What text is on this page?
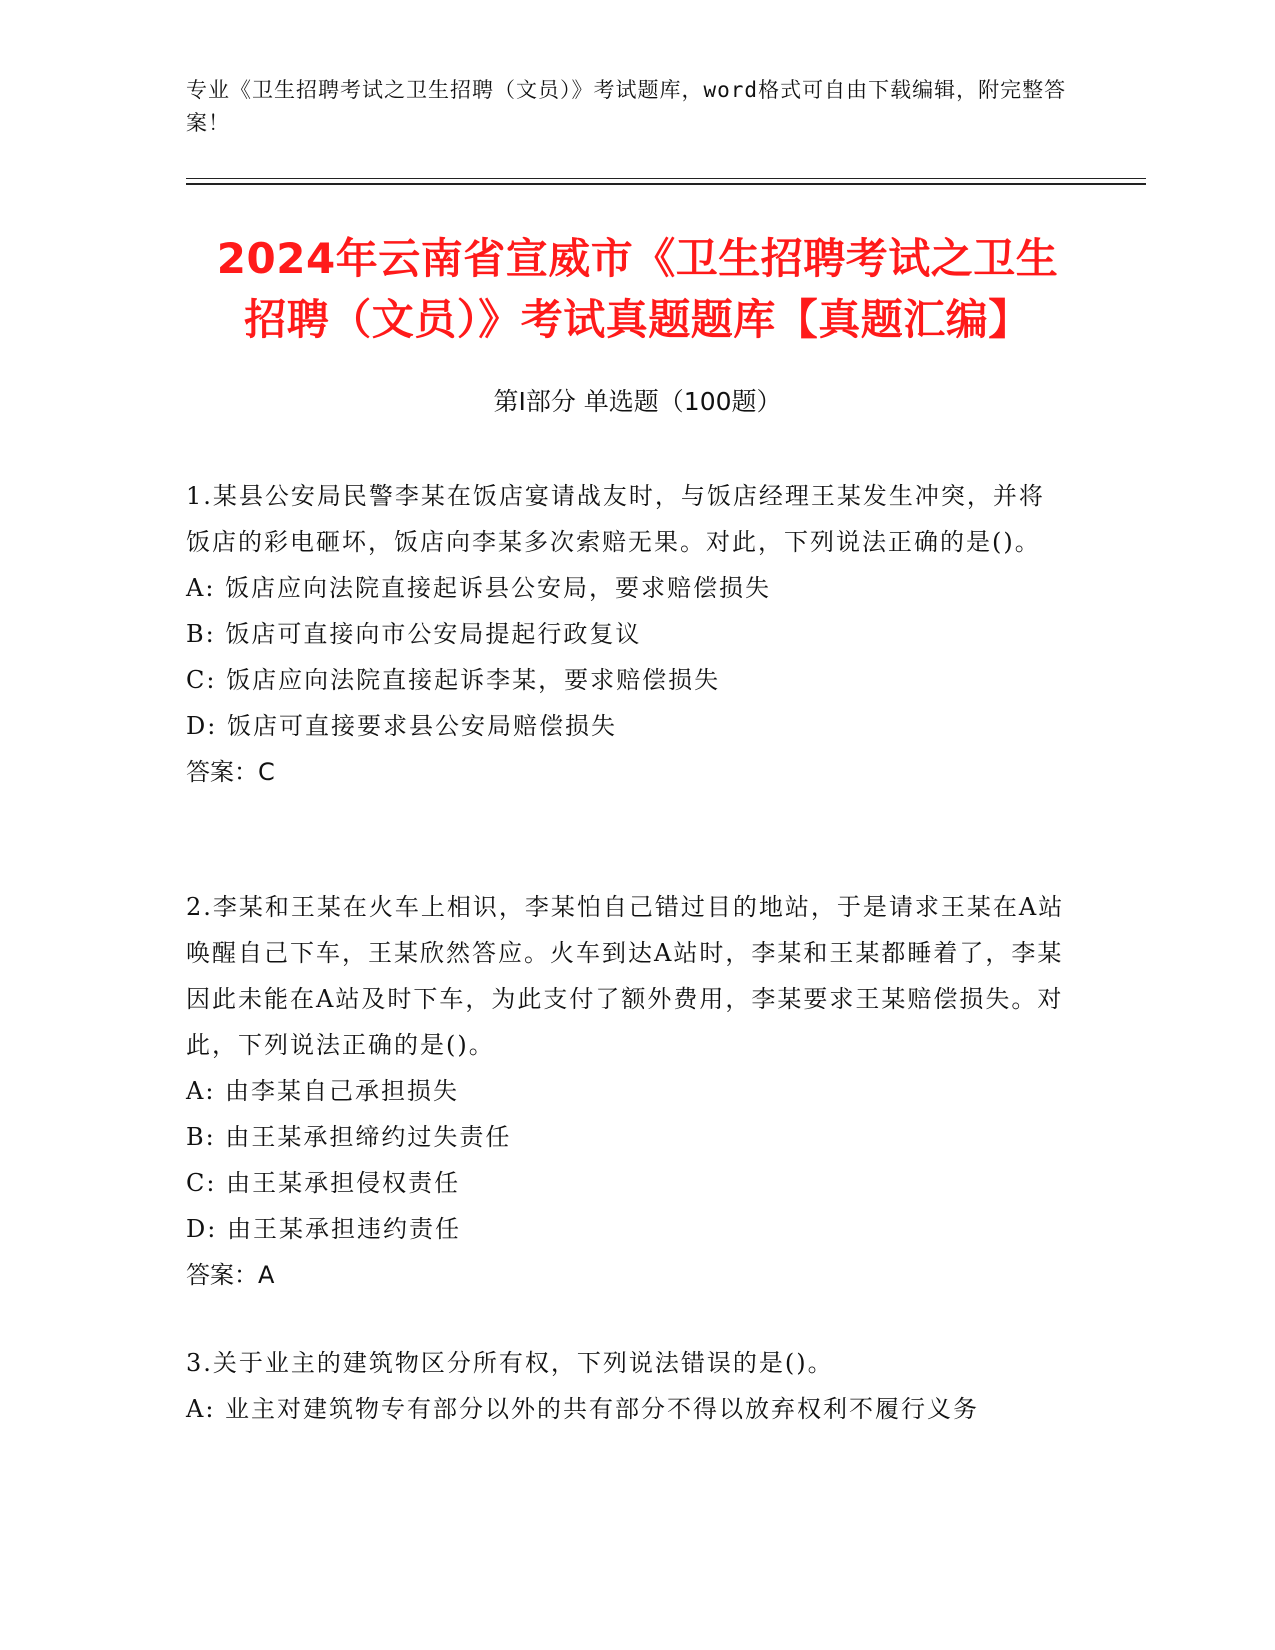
专业《卫生招聘考试之卫生招聘（文员）》考试题库，word格式可自由下载编辑，附完整答案！
2024年云南省宣威市《卫生招聘考试之卫生
招聘（文员）》考试真题题库【真题汇编】
第Ⅰ部分 单选题（100题）

1.某县公安局民警李某在饭店宴请战友时，与饭店经理王某发生冲突，并将饭店的彩电砸坏，饭店向李某多次索赔无果。对此，下列说法正确的是()。

A: 饭店应向法院直接起诉县公安局，要求赔偿损失

B: 饭店可直接向市公安局提起行政复议

C: 饭店应向法院直接起诉李某，要求赔偿损失

D: 饭店可直接要求县公安局赔偿损失

答案：C

2.李某和王某在火车上相识，李某怕自己错过目的地站，于是请求王某在A站唤醒自己下车，王某欣然答应。火车到达A站时，李某和王某都睡着了，李某因此未能在A站及时下车，为此支付了额外费用，李某要求王某赔偿损失。对此，下列说法正确的是()。

A: 由李某自己承担损失

B: 由王某承担缔约过失责任

C: 由王某承担侵权责任

D: 由王某承担违约责任

答案：A

3.关于业主的建筑物区分所有权，下列说法错误的是()。

A: 业主对建筑物专有部分以外的共有部分不得以放弃权利不履行义务
